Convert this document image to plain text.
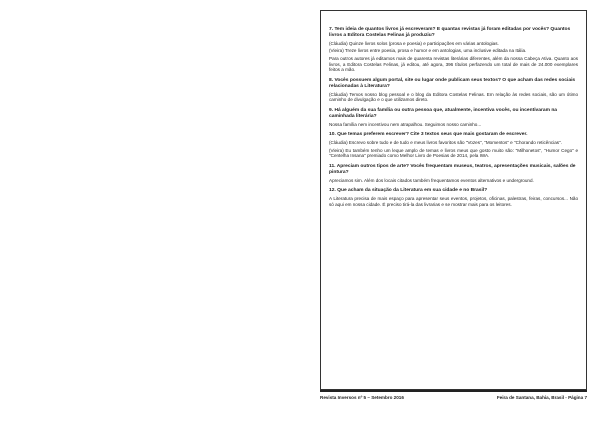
7. Tem ideia de quantos livros já escreveram? E quantas revistas já foram editadas por vocês? Quantos livros a Editora Costelas Felinas já produziu?
(Cláudia) Quinze livros solos (prosa e poesia) e participações em várias antologias.
(Vieira) Treze livros entre poesia, prosa e humor e em antologias, uma inclusive editada na Itália.
Para outros autores já editamos mais de quarenta revistas literárias diferentes, além da nossa Cabeça Ativa. Quanto aos livros, a Editora Costelas Felinas, já editou, até agora, 396 títulos perfazendo um total de mais de 24.000 exemplares feitos a mão.
8. Vocês possuem algum portal, site ou lugar onde publicam seus textos? O que acham das redes sociais relacionadas à Literatura?
(Cláudia) Temos nosso blog pessoal e o blog da Editora Costelas Felinas. Em relação às redes sociais, são um ótimo caminho de divulgação e o que utilizamos direto.
9. Há alguém da sua família ou outra pessoa que, atualmente, incentiva vocês, ou incentivaram na caminhada literária?
Nossa família nem incentivou nem atrapalhou. Seguimos nosso caminho...
10. Que temas preferem escrever? Cite 3 textos seus que mais gostaram de escrever.
(Cláudia) Escrevo sobre tudo e de tudo e meus livros favoritos são "Vozes", "Momentos" e "Chorando reticências".
(Vieira) Eu também tenho um leque amplo de temas e livros meus que gosto muito são: "Milhonetos", "Humor Cego" e "Centelha Insana" premiado como Melhor Livro de Poesias de 2014, pela IWA.
11. Apreciam outros tipos de arte? Vocês frequentam museus, teatros, apresentações musicais, salões de pintura?
Apreciamos sim. Além dos locais citados também frequentamos eventos alternativos e underground.
12. Que acham da situação da Literatura em sua cidade e no Brasil?
A Literatura precisa de mais espaço para apresentar seus eventos, projetos, oficinas, palestras, feiras, concursos... Não só aqui em nossa cidade. É preciso tirá-la das livrarias e se mostrar mais para os leitores.
Revista Inversos nº 5 – Setembro 2016	Feira de Santana, Bahia, Brasil - Página 7
